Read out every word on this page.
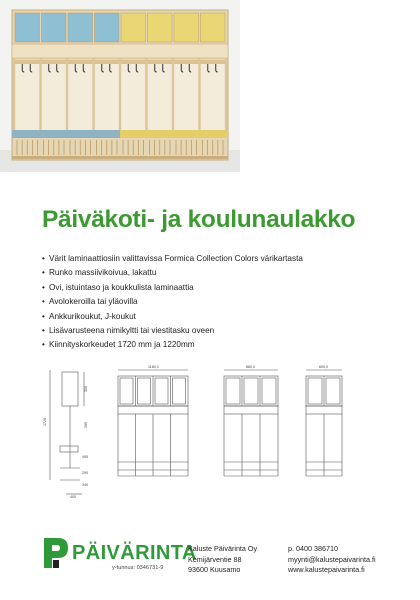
Päiväkoti- ja koulunaulakko
• Värit laminaattiosiin valittavissa Formica Collection Colors värikartasta
• Runko massiivikoivua, lakattu
• Ovi, istuintaso ja koukkulista laminaattia
• Avolokeroilla tai yläovilla
• Ankkurikoukut, J-koukut
• Lisävarusteena nimikyltti tai viestitasku oveen
• Kiinnityskorkeudet 1720 mm ja 1220mm
1720
300
390
495
290
340
400
1180,0	880,0	600,0
PÄIVÄRINTA
y-tunnus: 0346731-9
Kaluste Päivärinta Oy
Kemijärventie 88
93600 Kuusamo
p. 0400 386710
myynti@kalustepaivarinta.fi
www.kalustepaivarinta.fi
